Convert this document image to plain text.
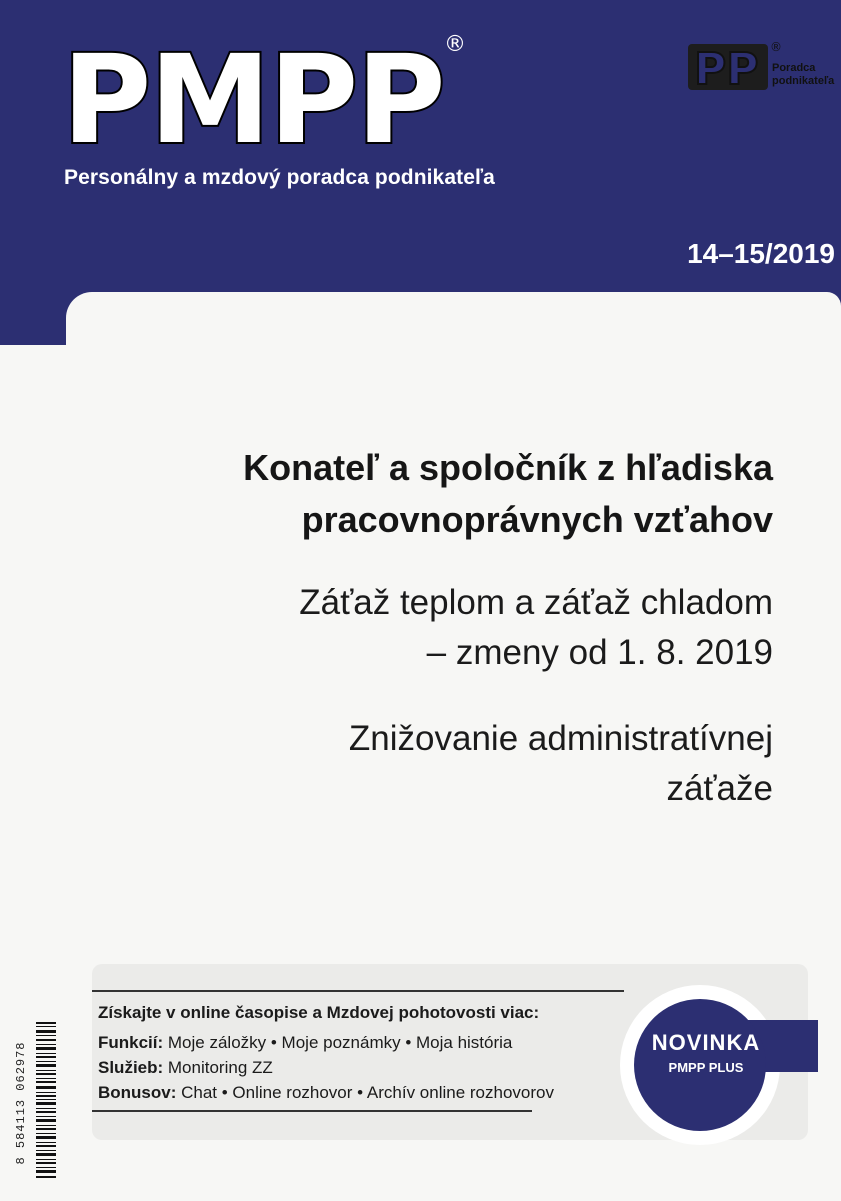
PMPP ®
Personálny a mzdový poradca podnikateľa
14–15/2019
PP ®
Poradca
podnikateľa
Konateľ a spoločník z hľadiska
pracovnoprávnych vzťahov
Záťaž teplom a záťaž chladom
– zmeny od 1. 8. 2019
Znižovanie administratívnej
záťaže
Získajte v online časopise a Mzdovej pohotovosti viac:
Funkcií: Moje záložky • Moje poznámky • Moja história
Služieb: Monitoring ZZ
Bonusov: Chat • Online rozhovor • Archív online rozhovorov
NOVINKA
PMPP PLUS
8 584113 062978
